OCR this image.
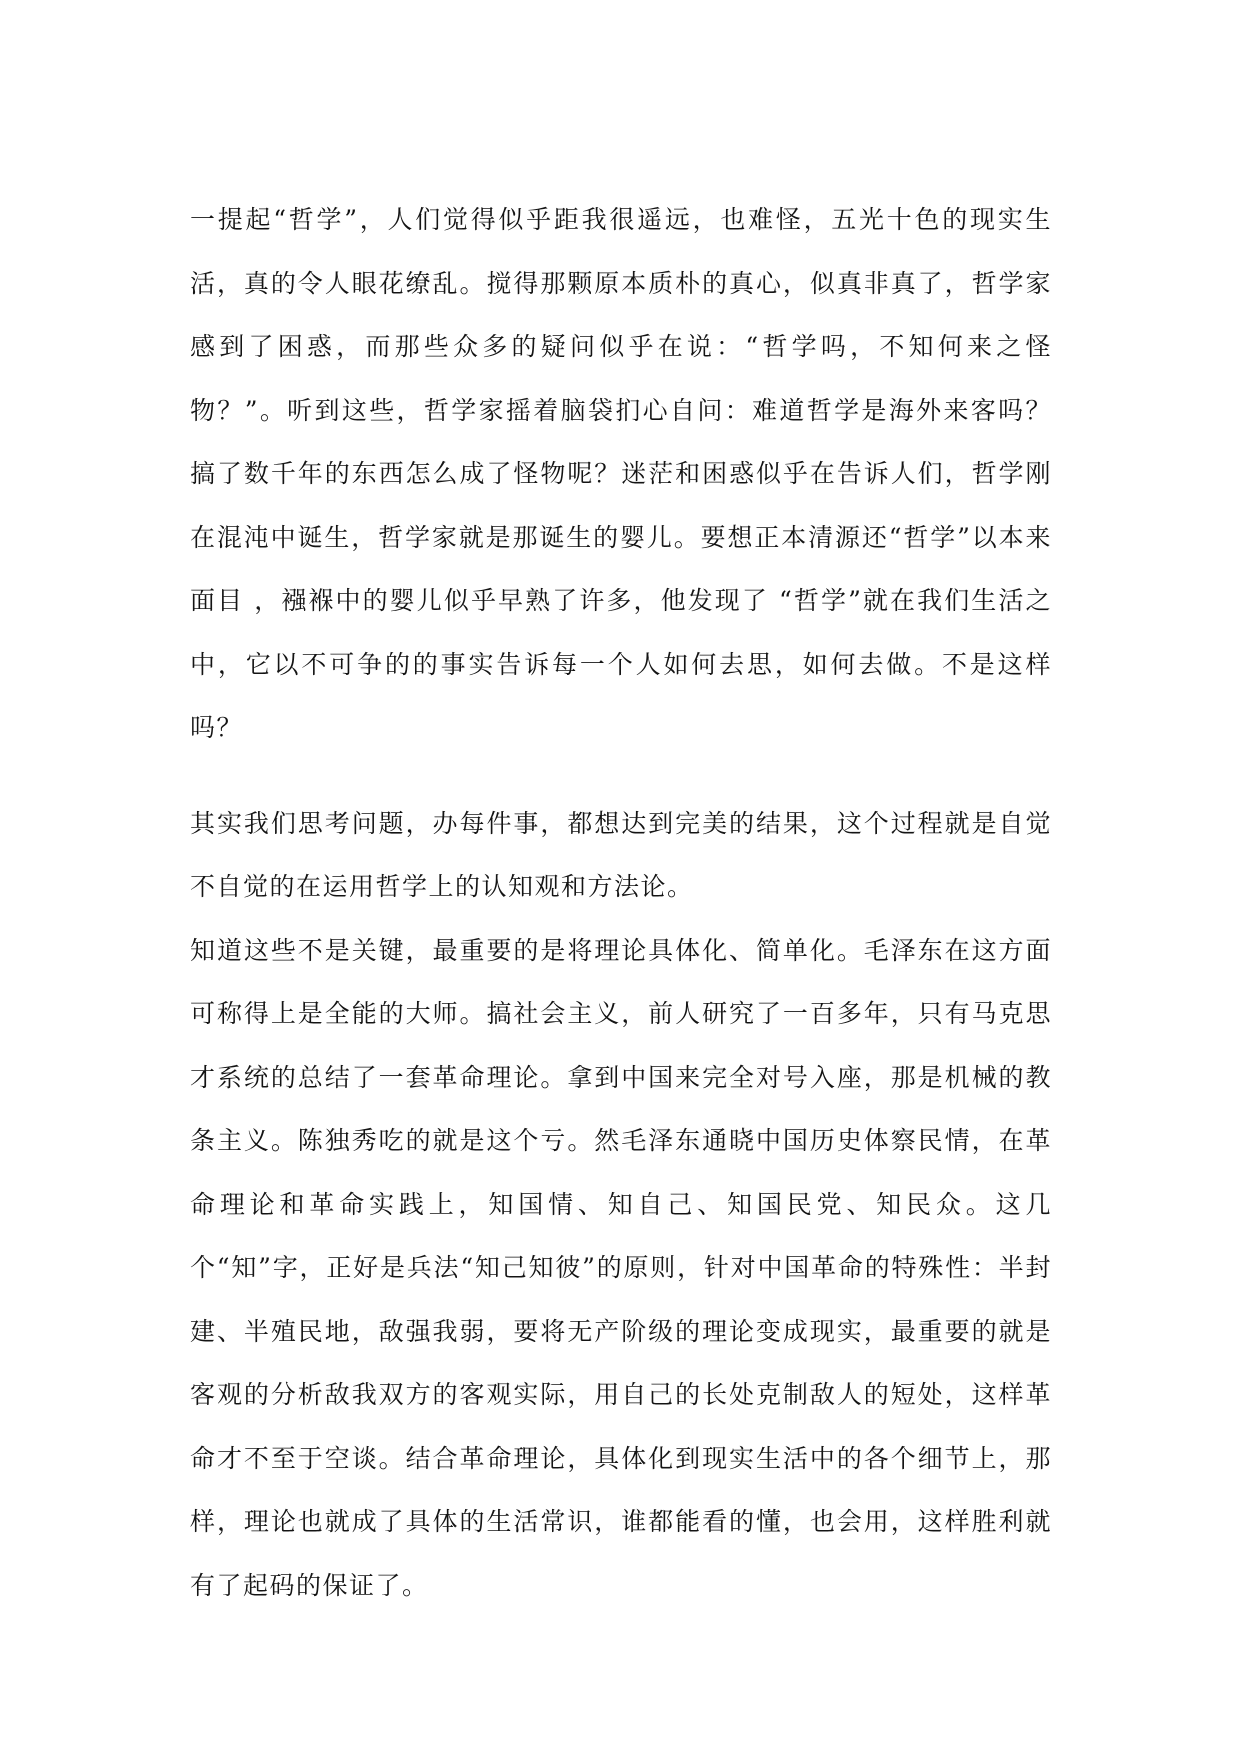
一提起“哲学”，人们觉得似乎距我很遥远，也难怪，五光十色的现实生活，真的令人眼花缭乱。搅得那颗原本质朴的真心，似真非真了，哲学家感到了困惑，而那些众多的疑问似乎在说：“哲学吗，不知何来之怪物？”。听到这些，哲学家摇着脑袋扪心自问：难道哲学是海外来客吗？搞了数千年的东西怎么成了怪物呢？迷茫和困惑似乎在告诉人们，哲学刚在混沌中诞生，哲学家就是那诞生的婴儿。要想正本清源还“哲学”以本来面目 ，襁褓中的婴儿似乎早熟了许多，他发现了 “哲学”就在我们生活之中，它以不可争的的事实告诉每一个人如何去思，如何去做。不是这样吗？

其实我们思考问题，办每件事，都想达到完美的结果，这个过程就是自觉不自觉的在运用哲学上的认知观和方法论。

知道这些不是关键，最重要的是将理论具体化、简单化。毛泽东在这方面可称得上是全能的大师。搞社会主义，前人研究了一百多年，只有马克思才系统的总结了一套革命理论。拿到中国来完全对号入座，那是机械的教条主义。陈独秀吃的就是这个亏。然毛泽东通晓中国历史体察民情，在革命理论和革命实践上，知国情、知自己、知国民党、知民众。这几个“知”字，正好是兵法“知己知彼”的原则，针对中国革命的特殊性：半封建、半殖民地，敌强我弱，要将无产阶级的理论变成现实，最重要的就是客观的分析敌我双方的客观实际，用自己的长处克制敌人的短处，这样革命才不至于空谈。结合革命理论，具体化到现实生活中的各个细节上，那样，理论也就成了具体的生活常识，谁都能看的懂，也会用，这样胜利就有了起码的保证了。
